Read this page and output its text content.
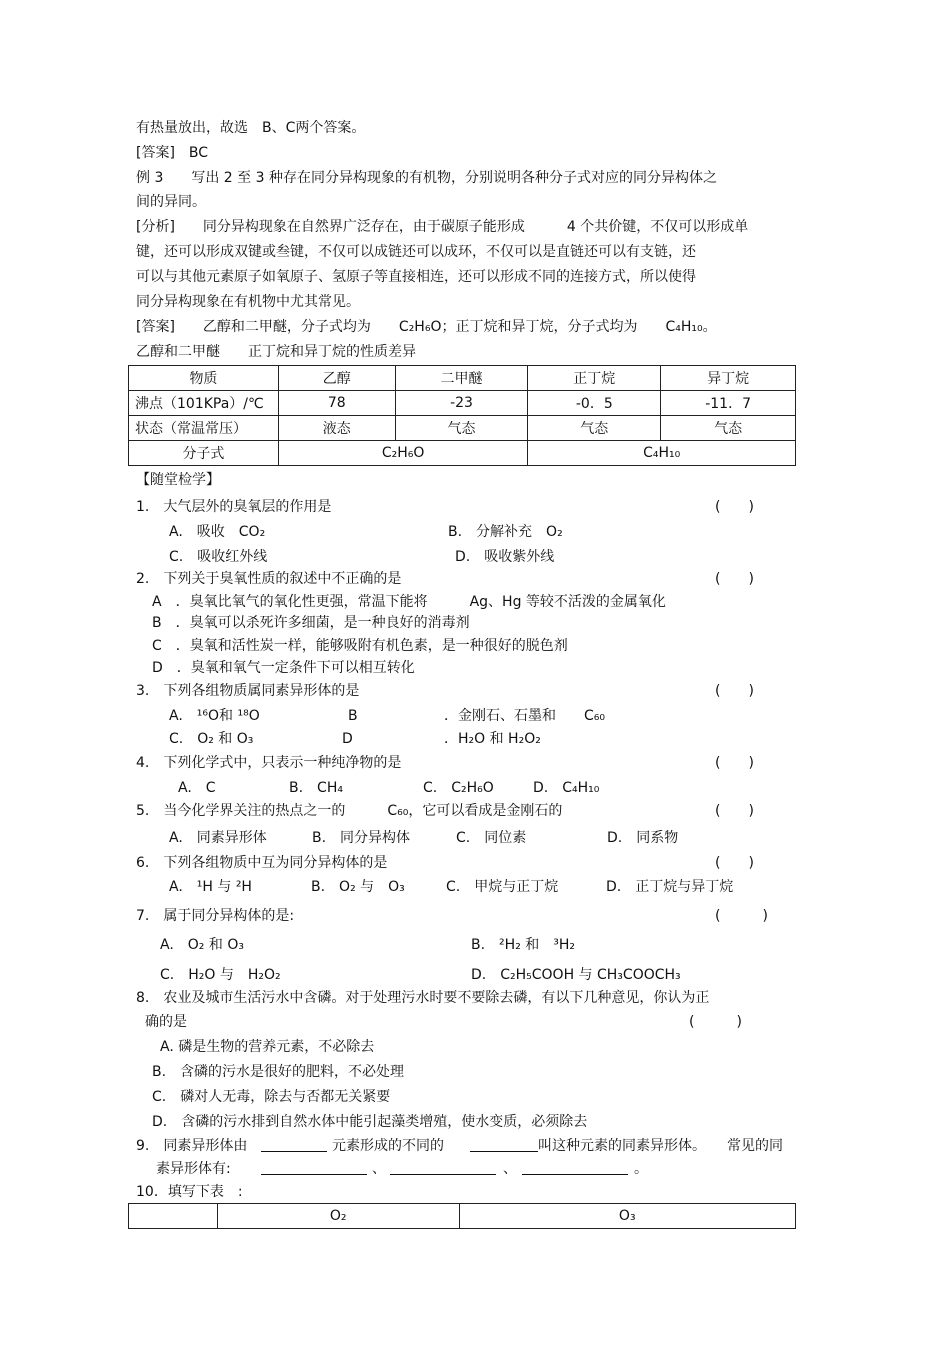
有热量放出，故选　B、C两个答案。
[答案]　BC
例 3　　写出 2 至 3 种存在同分异构现象的有机物，分别说明各种分子式对应的同分异构体之
间的异同。
[分析]　　同分异构现象在自然界广泛存在，由于碳原子能形成　　　4 个共价键，不仅可以形成单
键，还可以形成双键或叁键，不仅可以成链还可以成环，不仅可以是直链还可以有支链，还
可以与其他元素原子如氧原子、氢原子等直接相连，还可以形成不同的连接方式，所以使得
同分异构现象在有机物中尤其常见。
[答案]　　乙醇和二甲醚，分子式均为　　C₂H₆O；正丁烷和异丁烷，分子式均为　　C₄H₁₀。
乙醇和二甲醚　　正丁烷和异丁烷的性质差异
物质	乙醇	二甲醚	正丁烷	异丁烷
沸点（101KPa）/℃	78	-23	-0．5	-11．7
状态（常温常压）	液态	气态	气态	气态
分子式	C₂H₆O		C₄H₁₀	
【随堂检学】
1.　大气层外的臭氧层的作用是	(　　)
A.　吸收　CO₂	B.　分解补充　O₂
C.　吸收红外线	D.　吸收紫外线
2.　下列关于臭氧性质的叙述中不正确的是	(　　)
A　．臭氧比氧气的氧化性更强，常温下能将　　　Ag、Hg 等较不活泼的金属氧化
B　．臭氧可以杀死许多细菌，是一种良好的消毒剂
C　．臭氧和活性炭一样，能够吸附有机色素，是一种很好的脱色剂
D　．臭氧和氧气一定条件下可以相互转化
3.　下列各组物质属同素异形体的是	(　　)
A.　¹⁶O和 ¹⁸O	B	．金刚石、石墨和　　C₆₀
C.　O₂ 和 O₃	D	．H₂O 和 H₂O₂
4.　下列化学式中，只表示一种纯净物的是	(　　)
A.　C	B.　CH₄	C.　C₂H₆O	D.　C₄H₁₀
5.　当今化学界关注的热点之一的　　　C₆₀，它可以看成是金刚石的	(　　)
A.　同素异形体	B.　同分异构体	C.　同位素	D.　同系物
6.　下列各组物质中互为同分异构体的是	(　　)
A.　¹H 与 ²H	B.　O₂ 与　O₃	C.　甲烷与正丁烷	D.　正丁烷与异丁烷
7.　属于同分异构体的是:	(　　　)
A.　O₂ 和 O₃	B.　²H₂ 和　³H₂
C.　H₂O 与　H₂O₂	D.　C₂H₅COOH 与 CH₃COOCH₃
8.　农业及城市生活污水中含磷。对于处理污水时要不要除去磷，有以下几种意见，你认为正
确的是	(　　　)
A. 磷是生物的营养元素，不必除去
B.　含磷的污水是很好的肥料，不必处理
C.　磷对人无毒，除去与否都无关紧要
D.　含磷的污水排到自然水体中能引起藻类增殖，使水变质，必须除去
9.　同素异形体由	元素形成的不同的	叫这种元素的同素异形体。　　常见的同
素异形体有:	、	、	。
10．填写下表　:
	O₂	O₃
